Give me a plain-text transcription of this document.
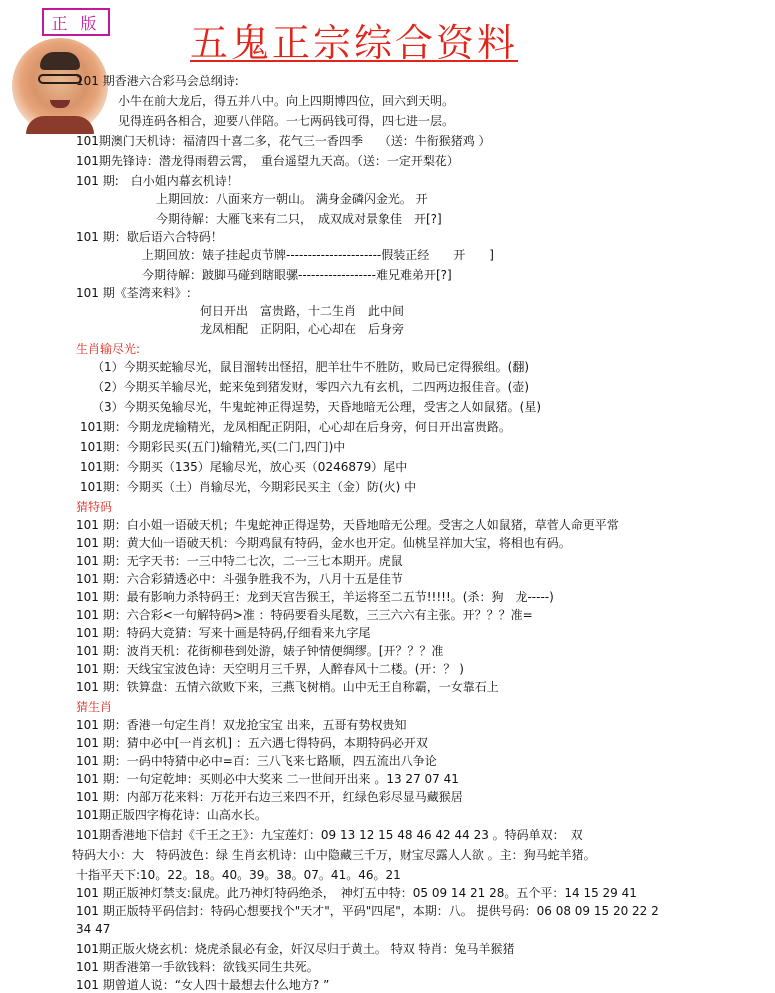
正 版 五鬼正宗综合资料
101 期香港六合彩马会总纲诗:
小牛在前大龙后，得五并八中。向上四期博四位，回六到天明。
见得连码各相合，迎要八伴陪。一七两码钱可得，四七进一层。
101期澳门天机诗：福清四十喜二多，花气三一香四季　 （送：牛衔猴猪鸡 ）
101期先锋诗：潜龙得雨碧云霄，　重台遥望九天高。（送：一定开梨花）
101 期:　白小姐内幕玄机诗！
上期回放：八面来方一朝山。 满身金磷闪金光。 开
今期待解：大雁飞来有二只，　成双成对景象佳　开[?]
101 期：歇后语六合特码！
上期回放：婊子挂起贞节牌----------------------假装正经　　开　　]
今期待解：跛脚马碰到瞎眼骡------------------难兄难弟开[?]
101 期《荃湾来料》:
何日开出　富贵路，十二生肖　此中间
龙凤相配　正阴阳，心心却在　后身旁
生肖输尽光:
（1）今期买蛇输尽光，鼠目溜转出怪招，肥羊壮牛不胜防，败局已定得猴组。(翻)
（2）今期买羊输尽光，蛇来兔到猪发财，零四六九有玄机，二四两边报佳音。(壶)
（3）今期买兔输尽光，牛鬼蛇神正得逞势，天昏地暗无公理，受害之人如鼠猪。(星)
101期：今期龙虎输精光，龙凤相配正阴阳，心心却在后身旁，何日开出富贵路。
101期：今期彩民买(五门)输精光,买(二门,四门)中
101期：今期买（135）尾输尽光，放心买（0246879）尾中
101期：今期买（土）肖输尽光，今期彩民买主（金）防(火) 中
猜特码
101 期：白小姐一语破天机；牛鬼蛇神正得逞势，天昏地暗无公理。受害之人如鼠猪，草菅人命更平常
101 期：黄大仙一语破天机：今期鸡鼠有特码，金水也开定。仙桃呈祥加大宝，将相也有码。
101 期：无字天书：一三中特二七次，二一三七本期开。虎鼠
101 期：六合彩猜透必中：斗强争胜我不为，八月十五是佳节
101 期：最有影响力杀特码王：龙到天宫告猴王，羊运将至二五节!!!!!。(杀：狗　龙-----)
101 期：六合彩<一句解特码>准 ：特码要看头尾数，三三六六有主张。开？？？准=
101 期：特码大竞猜：写来十画是特码,仔细看来九字尾
101 期：波肖天机：花街柳巷到处游，婊子钟情便绸缪。[开？？？准
101 期：天线宝宝波色诗：天空明月三千界，人醉春风十二楼。(开：？ )
101 期：铁算盘：五情六欲败下来，三燕飞树梢。山中无王自称霸，一女靠石上
猜生肖
101 期：香港一句定生肖！双龙抢宝宝 出来，五哥有势权贵知
101 期：猜中必中[一肖玄机] ：五六遇七得特码，本期特码必开双
101 期：一码中特猜中必中=百：三八飞来七路顺，四五流出八争论
101 期：一句定乾坤：买则必中大奖来 二一世间开出来 。13 27 07 41
101 期：内部万花来料：万花开右边三来四不开，红绿色彩尽显马藏猴居
101期正版四字梅花诗：山高水长。
101期香港地下信封《千王之王》：九宝莲灯：09 13 12 15 48 46 42 44 23 。特码单双：　双
特码大小：大　特码波色：绿 生肖玄机诗：山中隐藏三千万，财宝尽露人人欲 。主：狗马蛇羊猪。
十指平天下:10。22。18。40。39。38。07。41。46。21
101 期正版神灯禁支:鼠虎。此乃神灯特码绝杀，　神灯五中特：05 09 14 21 28。五个平：14 15 29 41
101 期正版特平码信封：特码心想要找个"天才"，平码"四尾"，本期：八。 提供号码：06 08 09 15 20 22 2
34 47
101期正版火烧玄机：烧虎杀鼠必有金，奸汉尽归于黄土。 特双 特肖：兔马羊猴猪
101 期香港第一手欲钱料：欲钱买同生共死。
101 期曾道人说：“女人四十最想去什么地方? ”
